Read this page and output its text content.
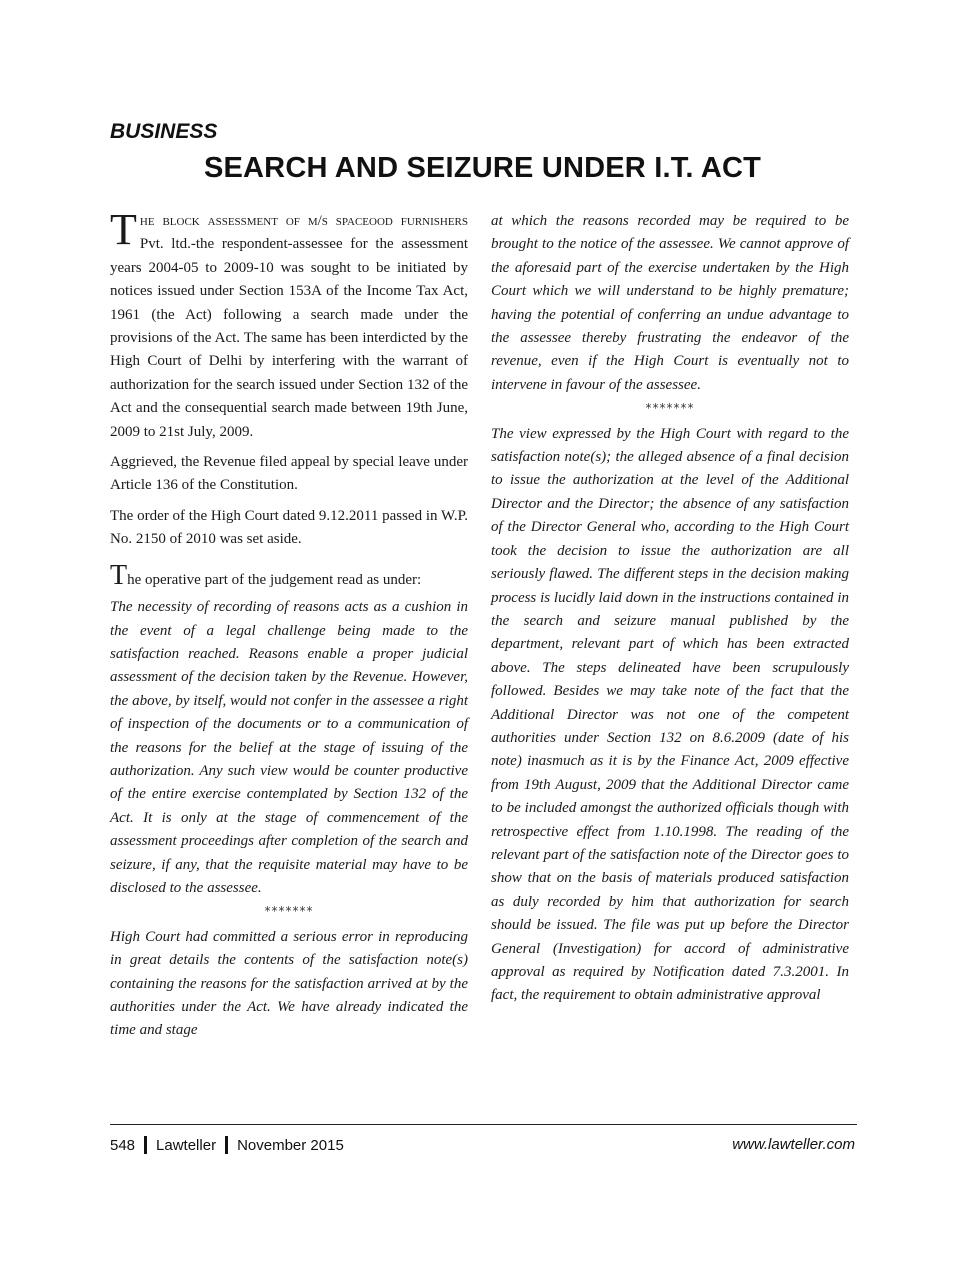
BUSINESS
SEARCH AND SEIZURE UNDER I.T. ACT

The block assessment of m/s spaceood furnishers Pvt. ltd.-the respondent-assessee for the assessment years 2004-05 to 2009-10 was sought to be initiated by notices issued under Section 153A of the Income Tax Act, 1961 (the Act) following a search made under the provisions of the Act. The same has been interdicted by the High Court of Delhi by interfering with the warrant of authorization for the search issued under Section 132 of the Act and the consequential search made between 19th June, 2009 to 21st July, 2009.

Aggrieved, the Revenue filed appeal by special leave under Article 136 of the Constitution.

The order of the High Court dated 9.12.2011 passed in W.P. No. 2150 of 2010 was set aside.

The operative part of the judgement read as under:

The necessity of recording of reasons acts as a cushion in the event of a legal challenge being made to the satisfaction reached. Reasons enable a proper judicial assessment of the decision taken by the Revenue. However, the above, by itself, would not confer in the assessee a right of inspection of the documents or to a communication of the reasons for the belief at the stage of issuing of the authorization. Any such view would be counter productive of the entire exercise contemplated by Section 132 of the Act. It is only at the stage of commencement of the assessment proceedings after completion of the search and seizure, if any, that the requisite material may have to be disclosed to the assessee.

*******

High Court had committed a serious error in reproducing in great details the contents of the satisfaction note(s) containing the reasons for the satisfaction arrived at by the authorities under the Act. We have already indicated the time and stage

at which the reasons recorded may be required to be brought to the notice of the assessee. We cannot approve of the aforesaid part of the exercise undertaken by the High Court which we will understand to be highly premature; having the potential of conferring an undue advantage to the assessee thereby frustrating the endeavor of the revenue, even if the High Court is eventually not to intervene in favour of the assessee.

*******

The view expressed by the High Court with regard to the satisfaction note(s); the alleged absence of a final decision to issue the authorization at the level of the Additional Director and the Director; the absence of any satisfaction of the Director General who, according to the High Court took the decision to issue the authorization are all seriously flawed. The different steps in the decision making process is lucidly laid down in the instructions contained in the search and seizure manual published by the department, relevant part of which has been extracted above. The steps delineated have been scrupulously followed. Besides we may take note of the fact that the Additional Director was not one of the competent authorities under Section 132 on 8.6.2009 (date of his note) inasmuch as it is by the Finance Act, 2009 effective from 19th August, 2009 that the Additional Director came to be included amongst the authorized officials though with retrospective effect from 1.10.1998. The reading of the relevant part of the satisfaction note of the Director goes to show that on the basis of materials produced satisfaction as duly recorded by him that authorization for search should be issued. The file was put up before the Director General (Investigation) for accord of administrative approval as required by Notification dated 7.3.2001. In fact, the requirement to obtain administrative approval

548 Lawteller November 2015	www.lawteller.com
